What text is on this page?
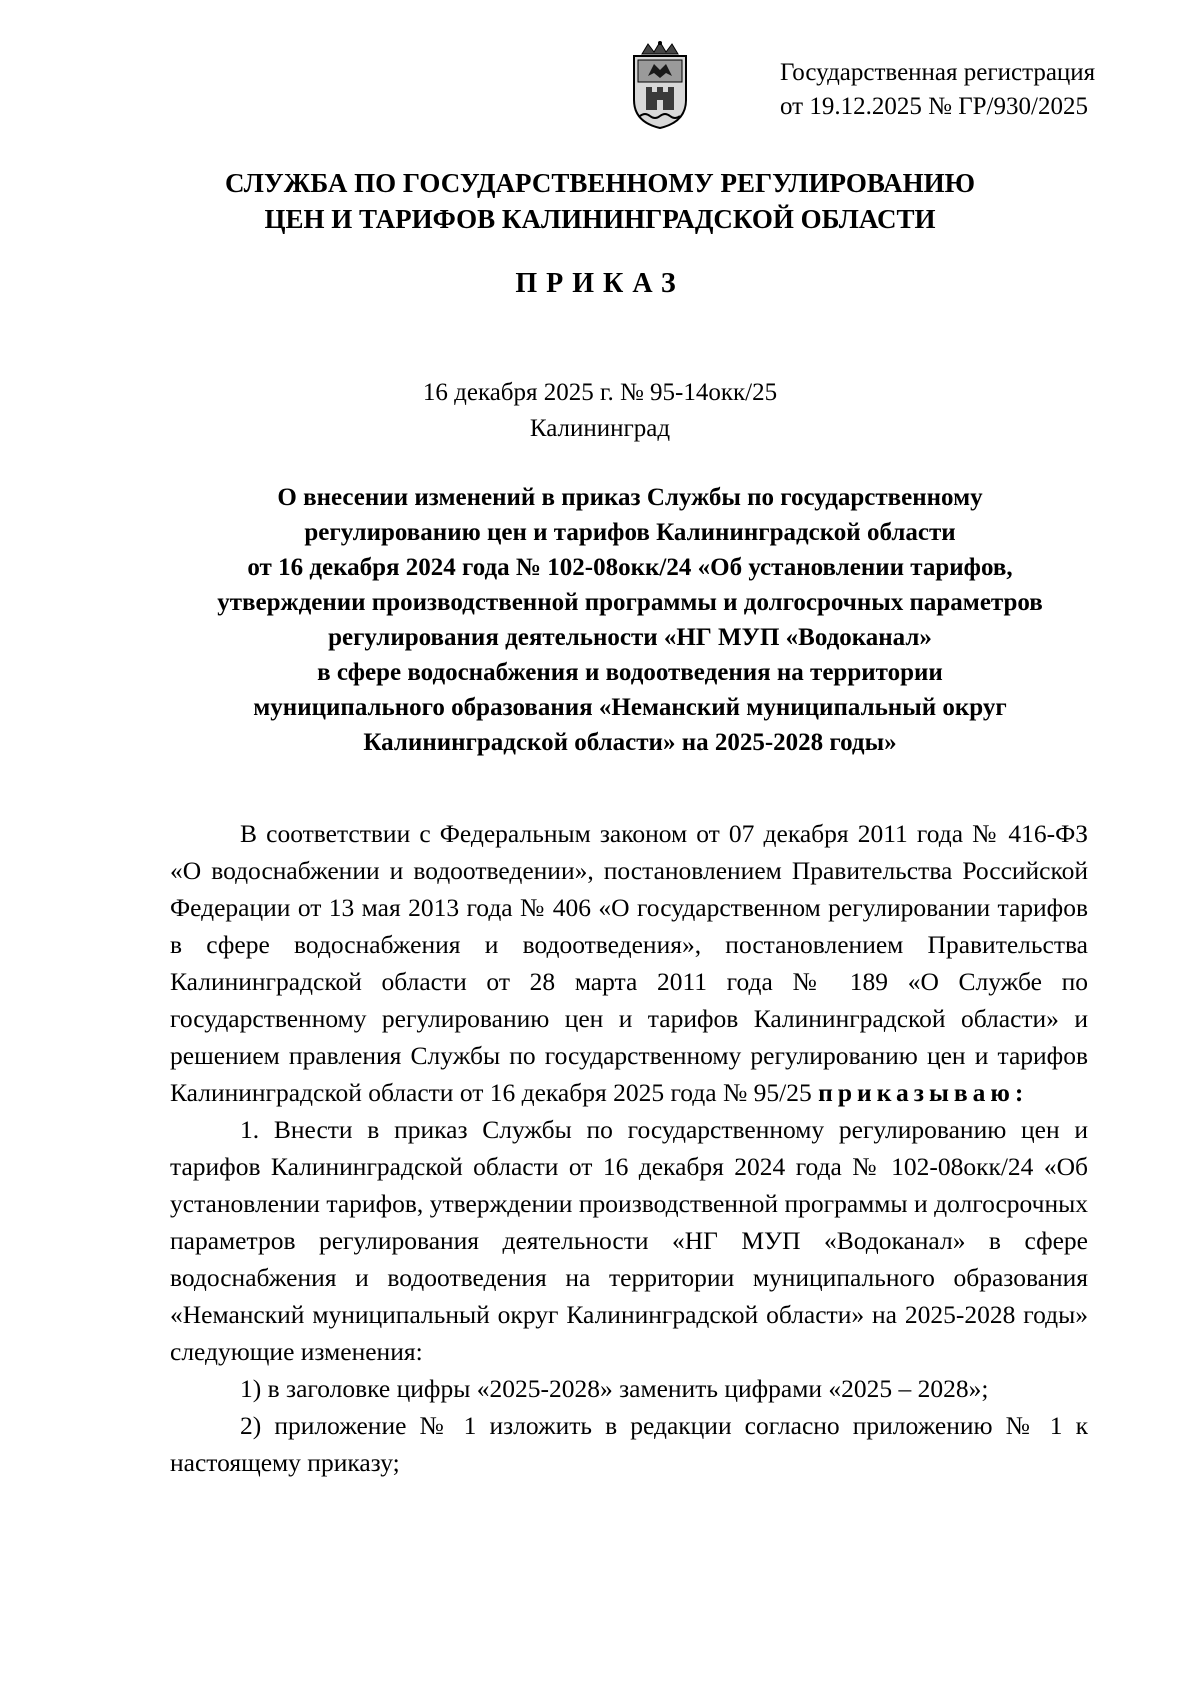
Государственная регистрация
от 19.12.2025 № ГР/930/2025
СЛУЖБА ПО ГОСУДАРСТВЕННОМУ РЕГУЛИРОВАНИЮ
ЦЕН И ТАРИФОВ КАЛИНИНГРАДСКОЙ ОБЛАСТИ
ПРИКАЗ
16 декабря 2025 г. № 95-14окк/25
Калининград
О внесении изменений в приказ Службы по государственному
регулированию цен и тарифов Калининградской области
от 16 декабря 2024 года № 102-08окк/24 «Об установлении тарифов,
утверждении производственной программы и долгосрочных параметров
регулирования деятельности «НГ МУП «Водоканал»
в сфере водоснабжения и водоотведения на территории
муниципального образования «Неманский муниципальный округ
Калининградской области» на 2025-2028 годы»

В соответствии с Федеральным законом от 07 декабря 2011 года № 416-ФЗ «О водоснабжении и водоотведении», постановлением Правительства Российской Федерации от 13 мая 2013 года № 406 «О государственном регулировании тарифов в сфере водоснабжения и водоотведения», постановлением Правительства Калининградской области от 28 марта 2011 года № 189 «О Службе по государственному регулированию цен и тарифов Калининградской области» и решением правления Службы по государственному регулированию цен и тарифов Калининградской области от 16 декабря 2025 года № 95/25 приказываю:

1. Внести в приказ Службы по государственному регулированию цен и тарифов Калининградской области от 16 декабря 2024 года № 102-08окк/24 «Об установлении тарифов, утверждении производственной программы и долгосрочных параметров регулирования деятельности «НГ МУП «Водоканал» в сфере водоснабжения и водоотведения на территории муниципального образования «Неманский муниципальный округ Калининградской области» на 2025-2028 годы» следующие изменения:

1) в заголовке цифры «2025-2028» заменить цифрами «2025 – 2028»;

2) приложение № 1 изложить в редакции согласно приложению № 1 к настоящему приказу;
